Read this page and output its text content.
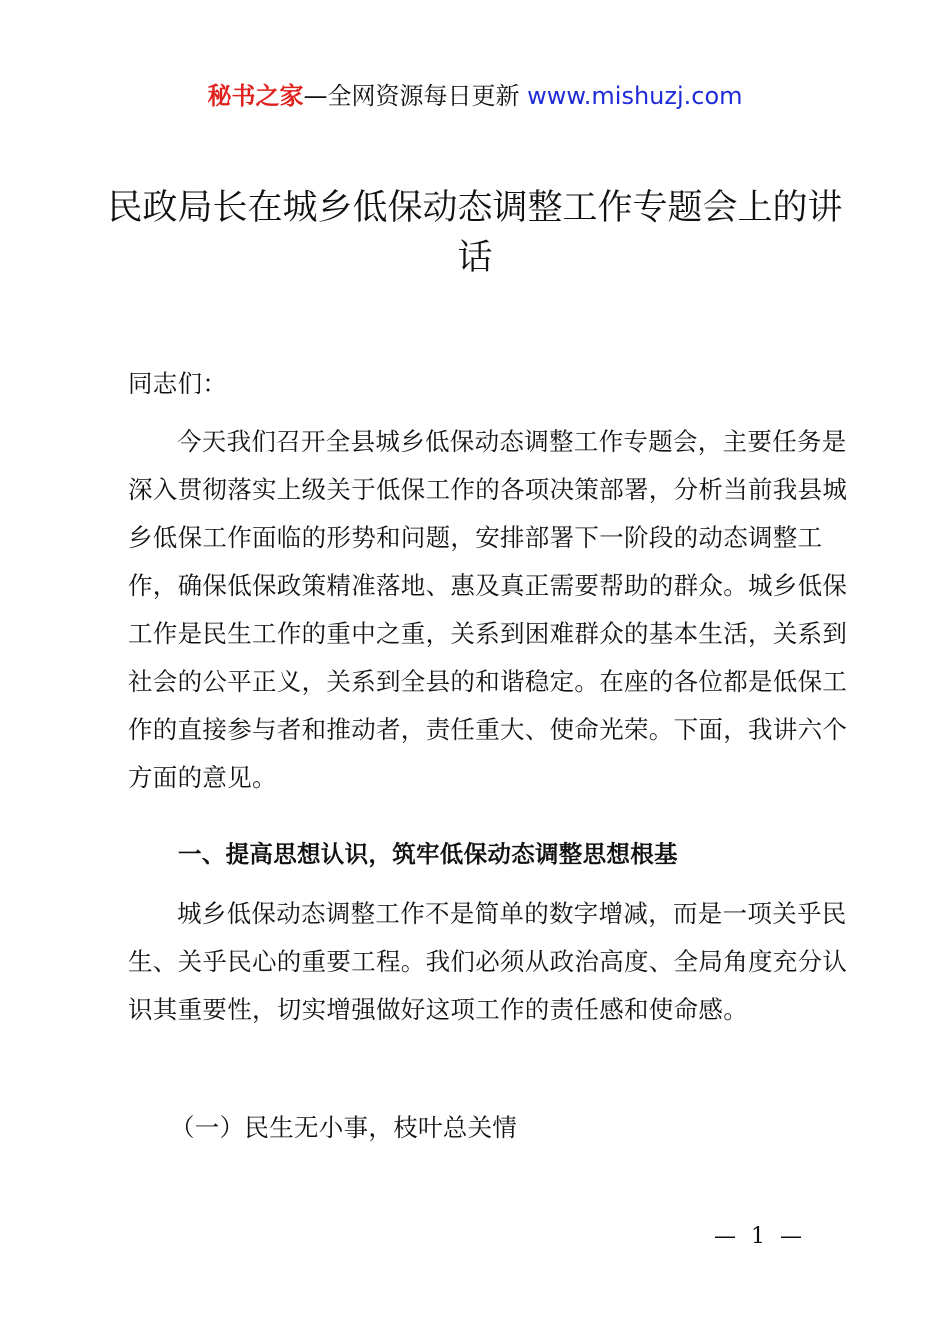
秘书之家—全网资源每日更新 www.mishuzj.com
民政局长在城乡低保动态调整工作专题会上的讲话

同志们：

今天我们召开全县城乡低保动态调整工作专题会，主要任务是深入贯彻落实上级关于低保工作的各项决策部署，分析当前我县城乡低保工作面临的形势和问题，安排部署下一阶段的动态调整工作，确保低保政策精准落地、惠及真正需要帮助的群众。城乡低保工作是民生工作的重中之重，关系到困难群众的基本生活，关系到社会的公平正义，关系到全县的和谐稳定。在座的各位都是低保工作的直接参与者和推动者，责任重大、使命光荣。下面，我讲六个方面的意见。

一、提高思想认识，筑牢低保动态调整思想根基

城乡低保动态调整工作不是简单的数字增减，而是一项关乎民生、关乎民心的重要工程。我们必须从政治高度、全局角度充分认识其重要性，切实增强做好这项工作的责任感和使命感。

（一）民生无小事，枝叶总关情

— 1 —
